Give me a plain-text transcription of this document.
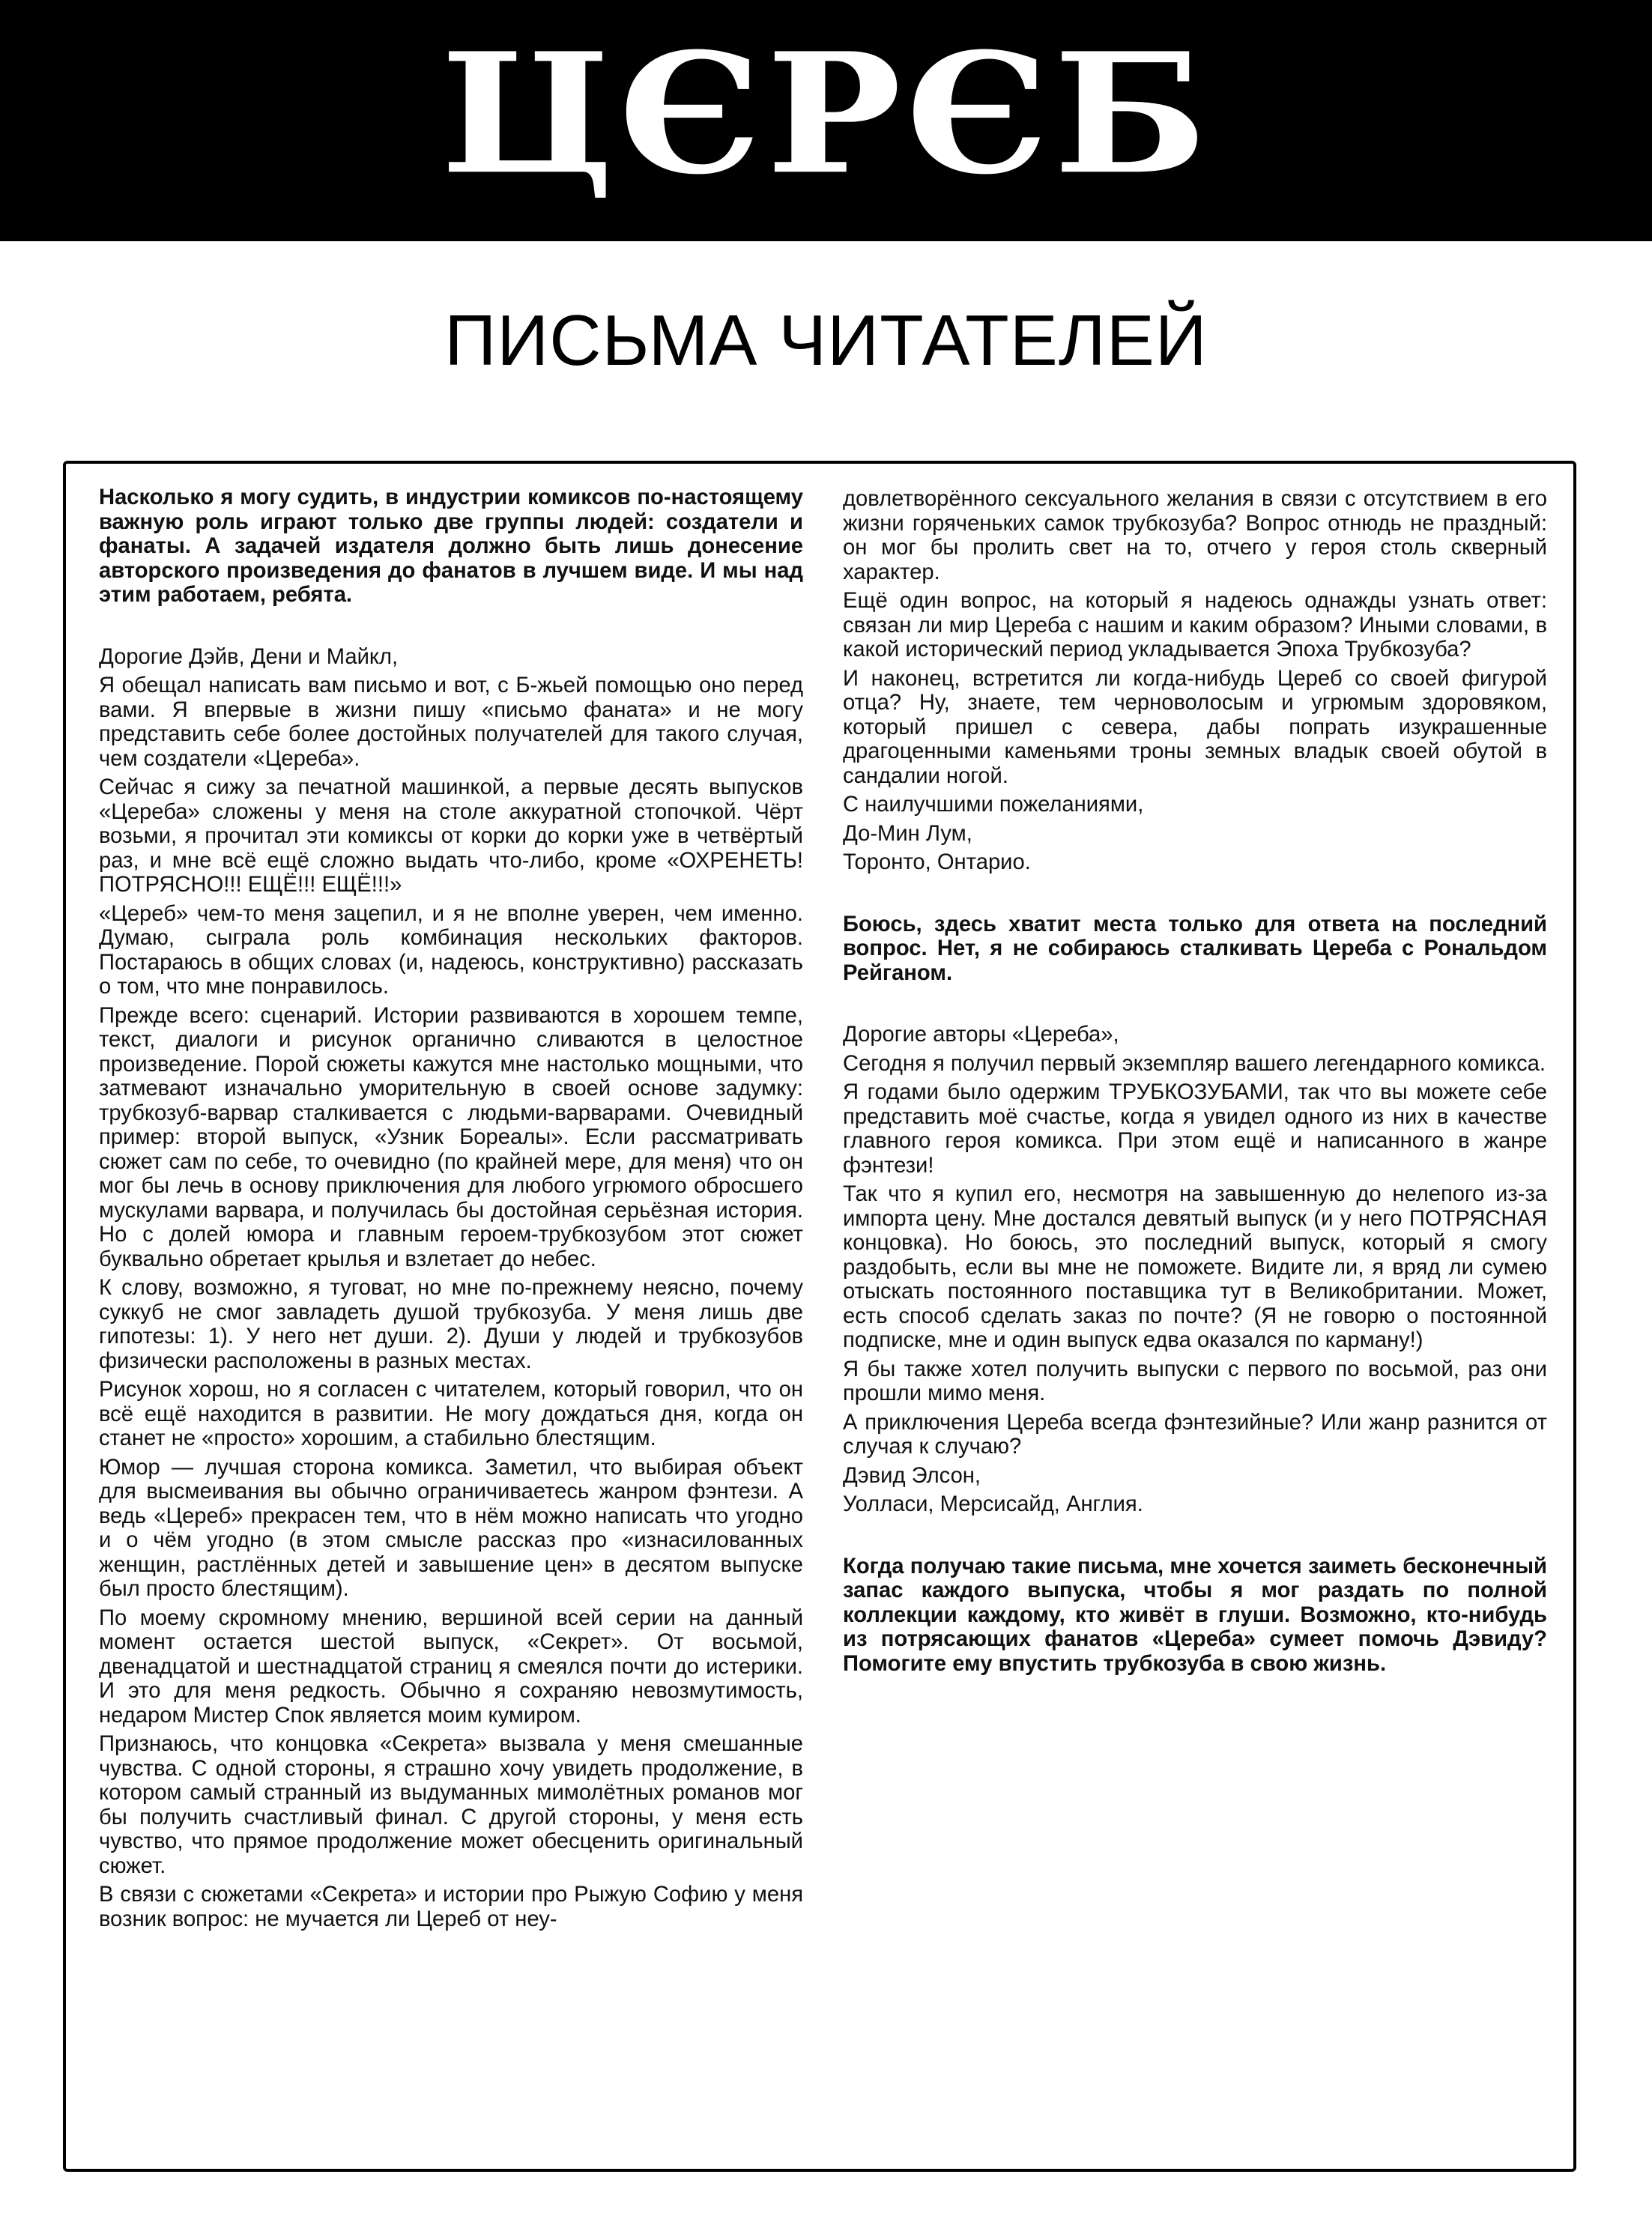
ЦЄРЄБ
ПИСЬМА ЧИТАТЕЛЕЙ

Насколько я могу судить, в индустрии комиксов по-настоящему важную роль играют только две группы людей: создатели и фанаты. А задачей издателя должно быть лишь донесение авторского произведения до фанатов в лучшем виде. И мы над этим работаем, ребята.

Дорогие Дэйв, Дени и Майкл,

Я обещал написать вам письмо и вот, с Б-жьей помощью оно перед вами. Я впервые в жизни пишу «письмо фаната» и не могу представить себе более достойных получателей для такого случая, чем создатели «Цереба».

Сейчас я сижу за печатной машинкой, а первые десять выпусков «Цереба» сложены у меня на столе аккуратной стопочкой. Чёрт возьми, я прочитал эти комиксы от корки до корки уже в четвёртый раз, и мне всё ещё сложно выдать что-либо, кроме «ОХРЕНЕТЬ! ПОТРЯСНО!!! ЕЩЁ!!! ЕЩЁ!!!»

«Цереб» чем-то меня зацепил, и я не вполне уверен, чем именно. Думаю, сыграла роль комбинация нескольких факторов. Постараюсь в общих словах (и, надеюсь, конструктивно) рассказать о том, что мне понравилось.

Прежде всего: сценарий. Истории развиваются в хорошем темпе, текст, диалоги и рисунок органично сливаются в целостное произведение. Порой сюжеты кажутся мне настолько мощными, что затмевают изначально уморительную в своей основе задумку: трубкозуб-варвар сталкивается с людьми-варварами. Очевидный пример: второй выпуск, «Узник Бореалы». Если рассматривать сюжет сам по себе, то очевидно (по крайней мере, для меня) что он мог бы лечь в основу приключения для любого угрюмого обросшего мускулами варвара, и получилась бы достойная серьёзная история. Но с долей юмора и главным героем-трубкозубом этот сюжет буквально обретает крылья и взлетает до небес.

К слову, возможно, я туговат, но мне по-прежнему неясно, почему суккуб не смог завладеть душой трубкозуба. У меня лишь две гипотезы: 1). У него нет души. 2). Души у людей и трубкозубов физически расположены в разных местах.

Рисунок хорош, но я согласен с читателем, который говорил, что он всё ещё находится в развитии. Не могу дождаться дня, когда он станет не «просто» хорошим, а стабильно блестящим.

Юмор — лучшая сторона комикса. Заметил, что выбирая объект для высмеивания вы обычно ограничиваетесь жанром фэнтези. А ведь «Цереб» прекрасен тем, что в нём можно написать что угодно и о чём угодно (в этом смысле рассказ про «изнасилованных женщин, растлённых детей и завышение цен» в десятом выпуске был просто блестящим).

По моему скромному мнению, вершиной всей серии на данный момент остается шестой выпуск, «Секрет». От восьмой, двенадцатой и шестнадцатой страниц я смеялся почти до истерики. И это для меня редкость. Обычно я сохраняю невозмутимость, недаром Мистер Спок является моим кумиром.

Признаюсь, что концовка «Секрета» вызвала у меня смешанные чувства. С одной стороны, я страшно хочу увидеть продолжение, в котором самый странный из выдуманных мимолётных романов мог бы получить счастливый финал. С другой стороны, у меня есть чувство, что прямое продолжение может обесценить оригинальный сюжет.

В связи с сюжетами «Секрета» и истории про Рыжую Софию у меня возник вопрос: не мучается ли Цереб от неу-

довлетворённого сексуального желания в связи с отсутствием в его жизни горяченьких самок трубкозуба? Вопрос отнюдь не праздный: он мог бы пролить свет на то, отчего у героя столь скверный характер.

Ещё один вопрос, на который я надеюсь однажды узнать ответ: связан ли мир Цереба с нашим и каким образом? Иными словами, в какой исторический период укладывается Эпоха Трубкозуба?

И наконец, встретится ли когда-нибудь Цереб со своей фигурой отца? Ну, знаете, тем черноволосым и угрюмым здоровяком, который пришел с севера, дабы попрать изукрашенные драгоценными каменьями троны земных владык своей обутой в сандалии ногой.

С наилучшими пожеланиями,

До-Мин Лум,

Торонто, Онтарио.

Боюсь, здесь хватит места только для ответа на последний вопрос. Нет, я не собираюсь сталкивать Цереба с Рональдом Рейганом.

Дорогие авторы «Цереба»,

Сегодня я получил первый экземпляр вашего легендарного комикса.

Я годами было одержим ТРУБКОЗУБАМИ, так что вы можете себе представить моё счастье, когда я увидел одного из них в качестве главного героя комикса. При этом ещё и написанного в жанре фэнтези!

Так что я купил его, несмотря на завышенную до нелепого из-за импорта цену. Мне достался девятый выпуск (и у него ПОТРЯСНАЯ концовка). Но боюсь, это последний выпуск, который я смогу раздобыть, если вы мне не поможете. Видите ли, я вряд ли сумею отыскать постоянного поставщика тут в Великобритании. Может, есть способ сделать заказ по почте? (Я не говорю о постоянной подписке, мне и один выпуск едва оказался по карману!)

Я бы также хотел получить выпуски с первого по восьмой, раз они прошли мимо меня.

А приключения Цереба всегда фэнтезийные? Или жанр разнится от случая к случаю?

Дэвид Элсон,

Уолласи, Мерсисайд, Англия.

Когда получаю такие письма, мне хочется заиметь бесконечный запас каждого выпуска, чтобы я мог раздать по полной коллекции каждому, кто живёт в глуши. Возможно, кто-нибудь из потрясающих фанатов «Цереба» сумеет помочь Дэвиду? Помогите ему впустить трубкозуба в свою жизнь.
